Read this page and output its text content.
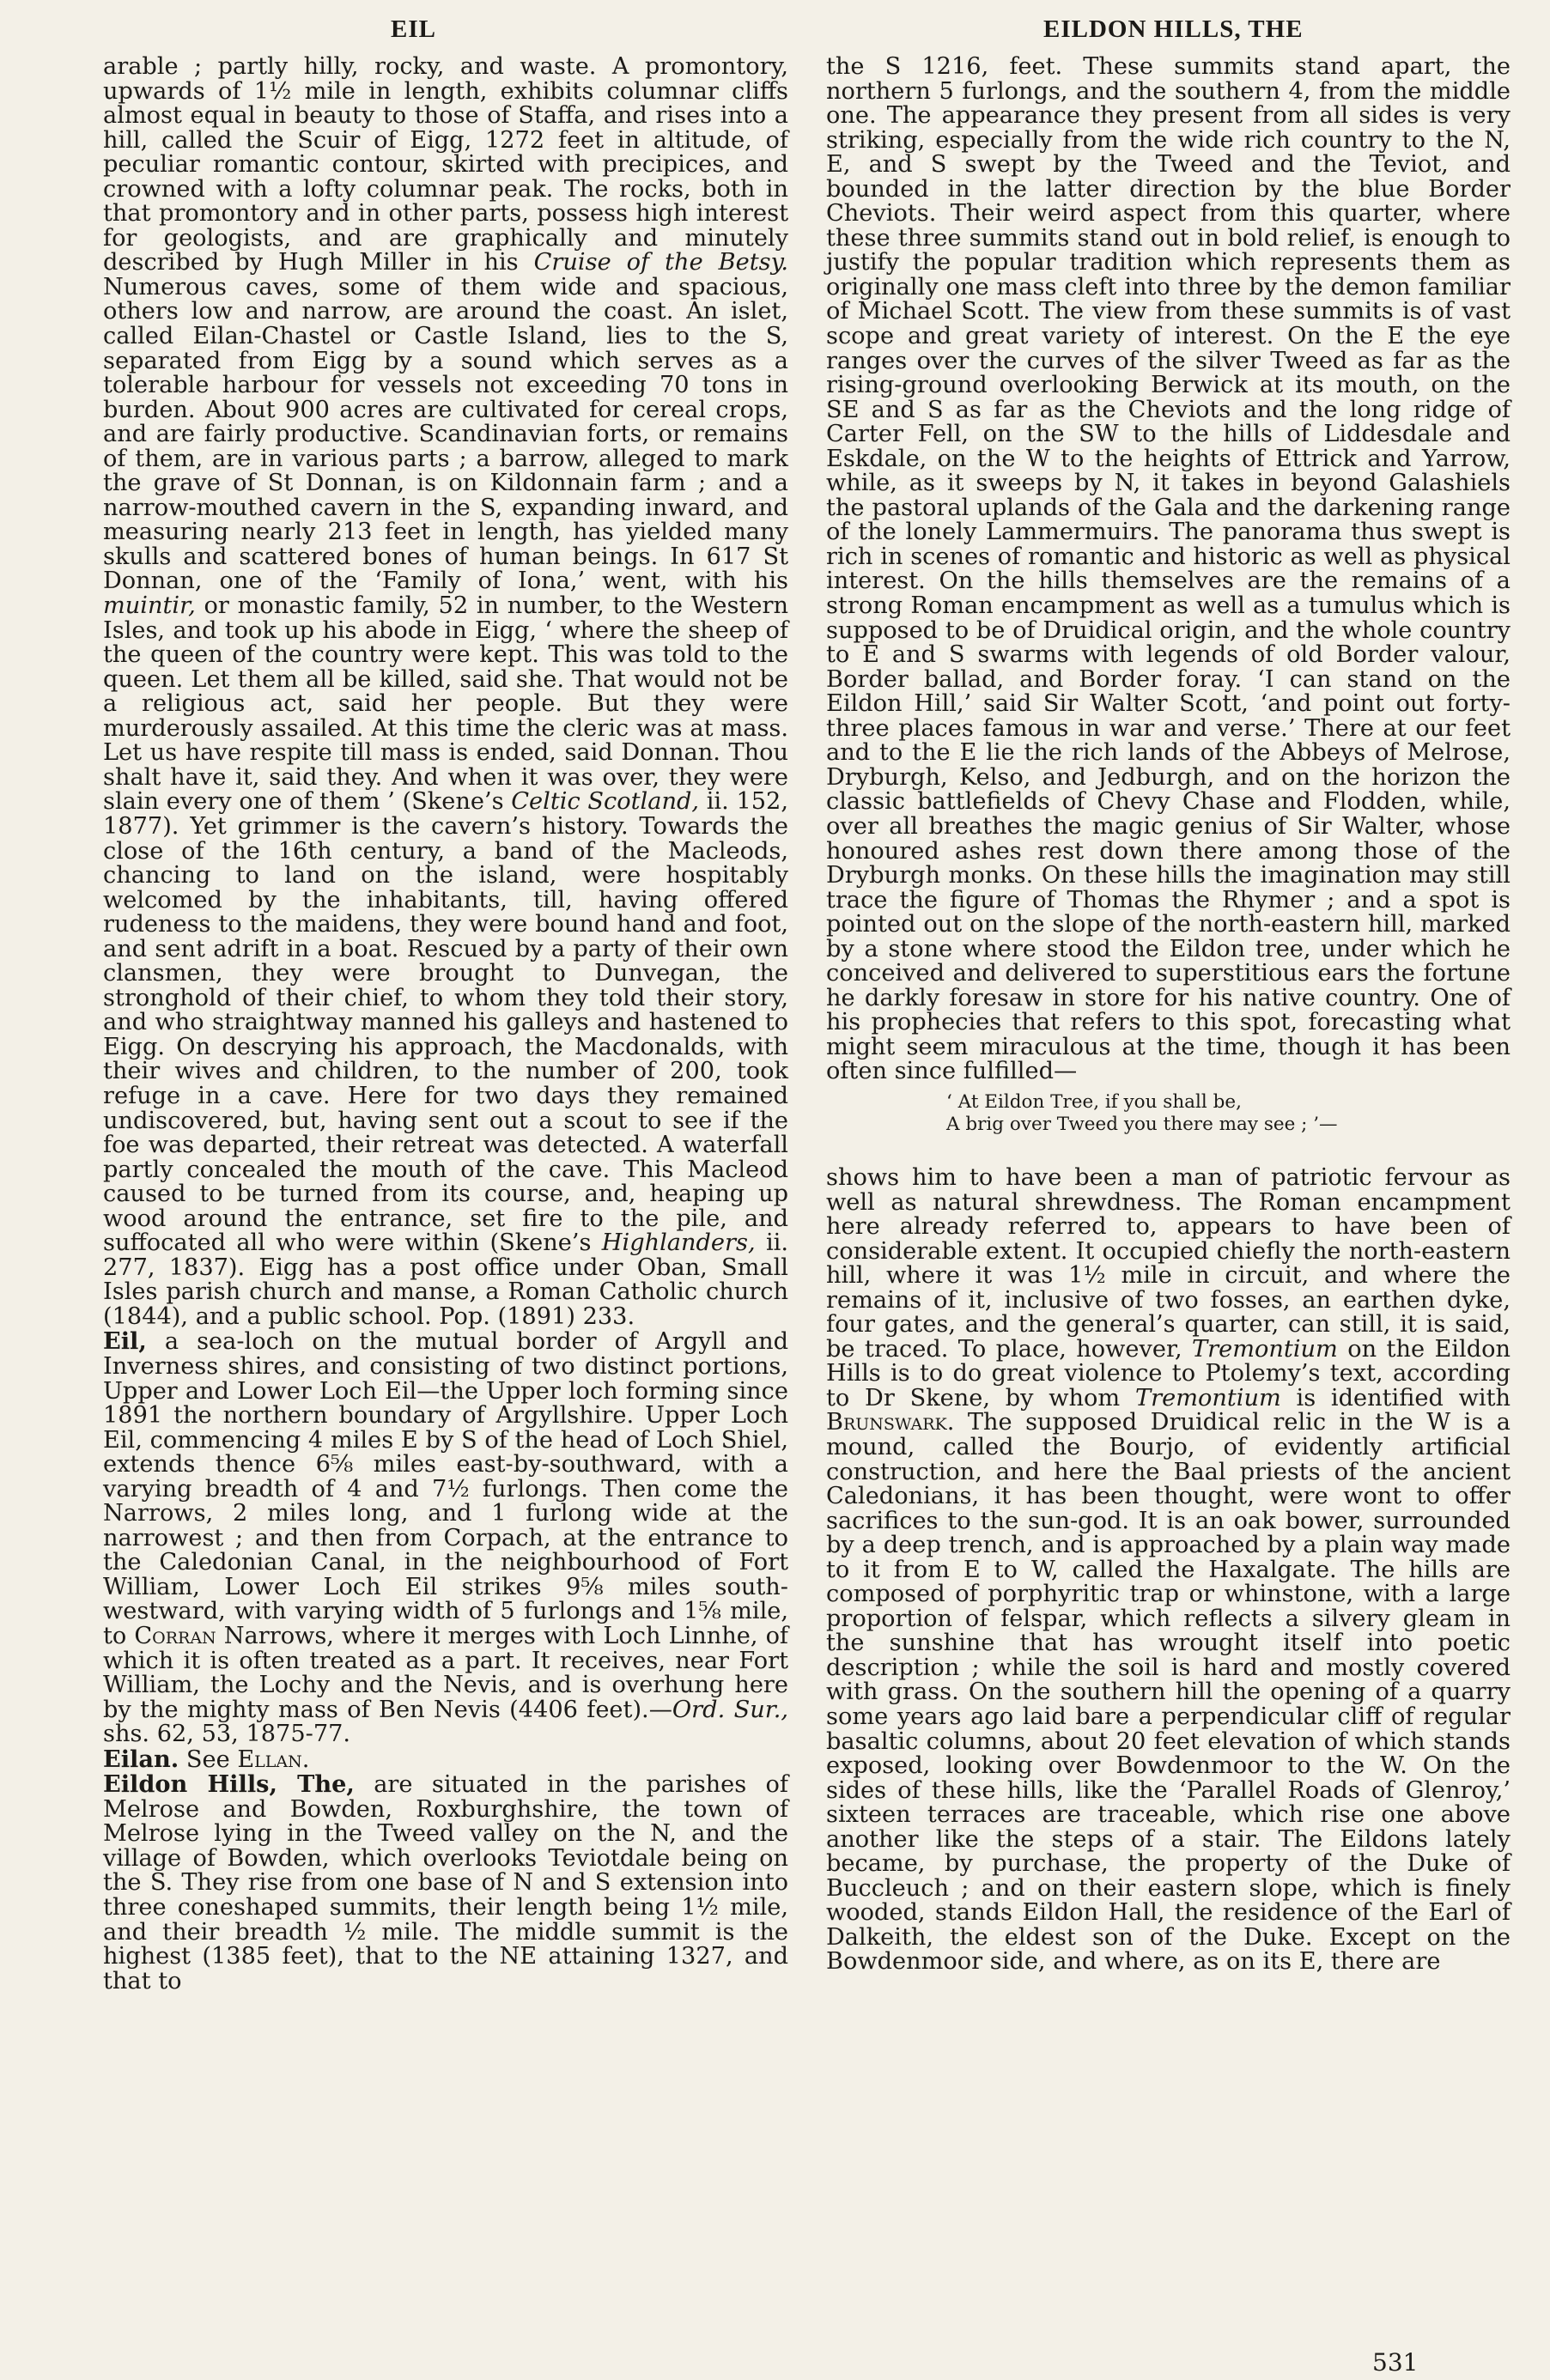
EIL	EILDON HILLS, THE

arable ; partly hilly, rocky, and waste. A promontory, upwards of 1½ mile in length, exhibits columnar cliffs almost equal in beauty to those of Staffa, and rises into a hill, called the Scuir of Eigg, 1272 feet in altitude, of peculiar romantic contour, skirted with precipices, and crowned with a lofty columnar peak. The rocks, both in that promontory and in other parts, possess high interest for geologists, and are graphically and minutely described by Hugh Miller in his Cruise of the Betsy. Numerous caves, some of them wide and spacious, others low and narrow, are around the coast. An islet, called Eilan-Chastel or Castle Island, lies to the S, separated from Eigg by a sound which serves as a tolerable harbour for vessels not exceeding 70 tons in burden. About 900 acres are cultivated for cereal crops, and are fairly productive. Scandinavian forts, or remains of them, are in various parts ; a barrow, alleged to mark the grave of St Donnan, is on Kildonnain farm ; and a narrow-mouthed cavern in the S, expanding inward, and measuring nearly 213 feet in length, has yielded many skulls and scattered bones of human beings. In 617 St Donnan, one of the ‘Family of Iona,’ went, with his muintir, or monastic family, 52 in number, to the Western Isles, and took up his abode in Eigg, ‘ where the sheep of the queen of the country were kept. This was told to the queen. Let them all be killed, said she. That would not be a religious act, said her people. But they were murderously assailed. At this time the cleric was at mass. Let us have respite till mass is ended, said Donnan. Thou shalt have it, said they. And when it was over, they were slain every one of them ’ (Skene’s Celtic Scotland, ii. 152, 1877). Yet grimmer is the cavern’s history. Towards the close of the 16th century, a band of the Macleods, chancing to land on the island, were hospitably welcomed by the inhabitants, till, having offered rudeness to the maidens, they were bound hand and foot, and sent adrift in a boat. Rescued by a party of their own clansmen, they were brought to Dunvegan, the stronghold of their chief, to whom they told their story, and who straightway manned his galleys and hastened to Eigg. On descrying his approach, the Macdonalds, with their wives and children, to the number of 200, took refuge in a cave. Here for two days they remained undiscovered, but, having sent out a scout to see if the foe was departed, their retreat was detected. A waterfall partly concealed the mouth of the cave. This Macleod caused to be turned from its course, and, heaping up wood around the entrance, set fire to the pile, and suffocated all who were within (Skene’s Highlanders, ii. 277, 1837). Eigg has a post office under Oban, Small Isles parish church and manse, a Roman Catholic church (1844), and a public school. Pop. (1891) 233.

Eil, a sea-loch on the mutual border of Argyll and Inverness shires, and consisting of two distinct portions, Upper and Lower Loch Eil—the Upper loch forming since 1891 the northern boundary of Argyllshire. Upper Loch Eil, commencing 4 miles E by S of the head of Loch Shiel, extends thence 6⅝ miles east-by-southward, with a varying breadth of 4 and 7½ furlongs. Then come the Narrows, 2 miles long, and 1 furlong wide at the narrowest ; and then from Corpach, at the entrance to the Caledonian Canal, in the neighbourhood of Fort William, Lower Loch Eil strikes 9⅝ miles south-westward, with varying width of 5 furlongs and 1⅝ mile, to Corran Narrows, where it merges with Loch Linnhe, of which it is often treated as a part. It receives, near Fort William, the Lochy and the Nevis, and is overhung here by the mighty mass of Ben Nevis (4406 feet).—Ord. Sur., shs. 62, 53, 1875-77.

Eilan. See Ellan.

Eildon Hills, The, are situated in the parishes of Melrose and Bowden, Roxburghshire, the town of Melrose lying in the Tweed valley on the N, and the village of Bowden, which overlooks Teviotdale being on the S. They rise from one base of N and S extension into three coneshaped summits, their length being 1½ mile, and their breadth ½ mile. The middle summit is the highest (1385 feet), that to the NE attaining 1327, and that to

the S 1216, feet. These summits stand apart, the northern 5 furlongs, and the southern 4, from the middle one. The appearance they present from all sides is very striking, especially from the wide rich country to the N, E, and S swept by the Tweed and the Teviot, and bounded in the latter direction by the blue Border Cheviots. Their weird aspect from this quarter, where these three summits stand out in bold relief, is enough to justify the popular tradition which represents them as originally one mass cleft into three by the demon familiar of Michael Scott. The view from these summits is of vast scope and great variety of interest. On the E the eye ranges over the curves of the silver Tweed as far as the rising-ground overlooking Berwick at its mouth, on the SE and S as far as the Cheviots and the long ridge of Carter Fell, on the SW to the hills of Liddesdale and Eskdale, on the W to the heights of Ettrick and Yarrow, while, as it sweeps by N, it takes in beyond Galashiels the pastoral uplands of the Gala and the darkening range of the lonely Lammermuirs. The panorama thus swept is rich in scenes of romantic and historic as well as physical interest. On the hills themselves are the remains of a strong Roman encampment as well as a tumulus which is supposed to be of Druidical origin, and the whole country to E and S swarms with legends of old Border valour, Border ballad, and Border foray. ‘I can stand on the Eildon Hill,’ said Sir Walter Scott, ‘and point out forty-three places famous in war and verse.’ There at our feet and to the E lie the rich lands of the Abbeys of Melrose, Dryburgh, Kelso, and Jedburgh, and on the horizon the classic battlefields of Chevy Chase and Flodden, while, over all breathes the magic genius of Sir Walter, whose honoured ashes rest down there among those of the Dryburgh monks. On these hills the imagination may still trace the figure of Thomas the Rhymer ; and a spot is pointed out on the slope of the north-eastern hill, marked by a stone where stood the Eildon tree, under which he conceived and delivered to superstitious ears the fortune he darkly foresaw in store for his native country. One of his prophecies that refers to this spot, forecasting what might seem miraculous at the time, though it has been often since fulfilled—

‘ At Eildon Tree, if you shall be,
A brig over Tweed you there may see ; ’—

shows him to have been a man of patriotic fervour as well as natural shrewdness. The Roman encampment here already referred to, appears to have been of considerable extent. It occupied chiefly the north-eastern hill, where it was 1½ mile in circuit, and where the remains of it, inclusive of two fosses, an earthen dyke, four gates, and the general’s quarter, can still, it is said, be traced. To place, however, Tremontium on the Eildon Hills is to do great violence to Ptolemy’s text, according to Dr Skene, by whom Tremontium is identified with Brunswark. The supposed Druidical relic in the W is a mound, called the Bourjo, of evidently artificial construction, and here the Baal priests of the ancient Caledonians, it has been thought, were wont to offer sacrifices to the sun-god. It is an oak bower, surrounded by a deep trench, and is approached by a plain way made to it from E to W, called the Haxalgate. The hills are composed of porphyritic trap or whinstone, with a large proportion of felspar, which reflects a silvery gleam in the sunshine that has wrought itself into poetic description ; while the soil is hard and mostly covered with grass. On the southern hill the opening of a quarry some years ago laid bare a perpendicular cliff of regular basaltic columns, about 20 feet elevation of which stands exposed, looking over Bowdenmoor to the W. On the sides of these hills, like the ‘Parallel Roads of Glenroy,’ sixteen terraces are traceable, which rise one above another like the steps of a stair. The Eildons lately became, by purchase, the property of the Duke of Buccleuch ; and on their eastern slope, which is finely wooded, stands Eildon Hall, the residence of the Earl of Dalkeith, the eldest son of the Duke. Except on the Bowdenmoor side, and where, as on its E, there are

531
